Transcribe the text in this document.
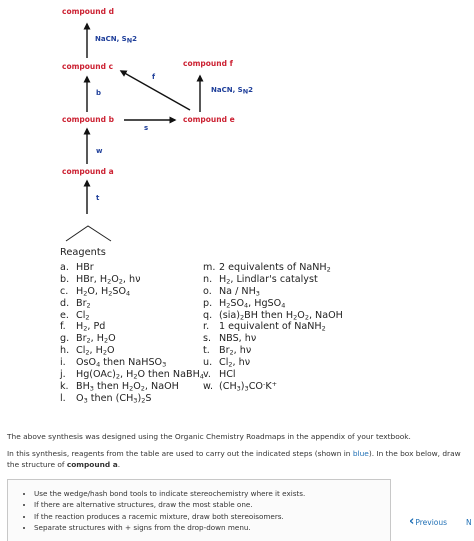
compound d
compound c
compound b
compound a
compound e
compound f
NaCN, $S_N2$
f
NaCN, $S_N2$
b
s
w
t
Reagents
a. HBr
b. HBr, $H_2O_2$, hν
c. $H_2O$, $H_2SO_4$
d. $Br_2$
e. $Cl_2$
f. $H_2$, Pd
g. $Br_2$, $H_2O$
h. $Cl_2$, $H_2O$
i. OsO$_4$ then NaHSO$_3$
j. $Hg(OAc)_2$, $H_2O$ then NaBH$_4$
k. $BH_3$ then $H_2O_2$, NaOH
l. $O_3$ then $(CH_3)_2S$
m. 2 equivalents of NaNH$_2$
n. $H_2$, Lindlar's catalyst
o. Na / $NH_3$
p. $H_2SO_4$, HgSO$_4$
q. $(sia)_2BH$ then $H_2O_2$, NaOH
r. 1 equivalent of NaNH$_2$
s. NBS, hν
t. $Br_2$, hν
u. $Cl_2$, hν
v. HCl
w. $(CH_3)_3CO^-K^+$
The above synthesis was designed using the Organic Chemistry Roadmaps in the appendix of your textbook.
In this synthesis, reagents from the table are used to carry out the indicated steps (shown in blue). In the box below, draw the structure of compound a.
• Use the wedge/hash bond tools to indicate stereochemistry where it exists.
• If there are alternative structures, draw the most stable one.
• If the reaction produces a racemic mixture, draw both stereoisomers.
• Separate structures with + signs from the drop-down menu.	‹ Previous	N
